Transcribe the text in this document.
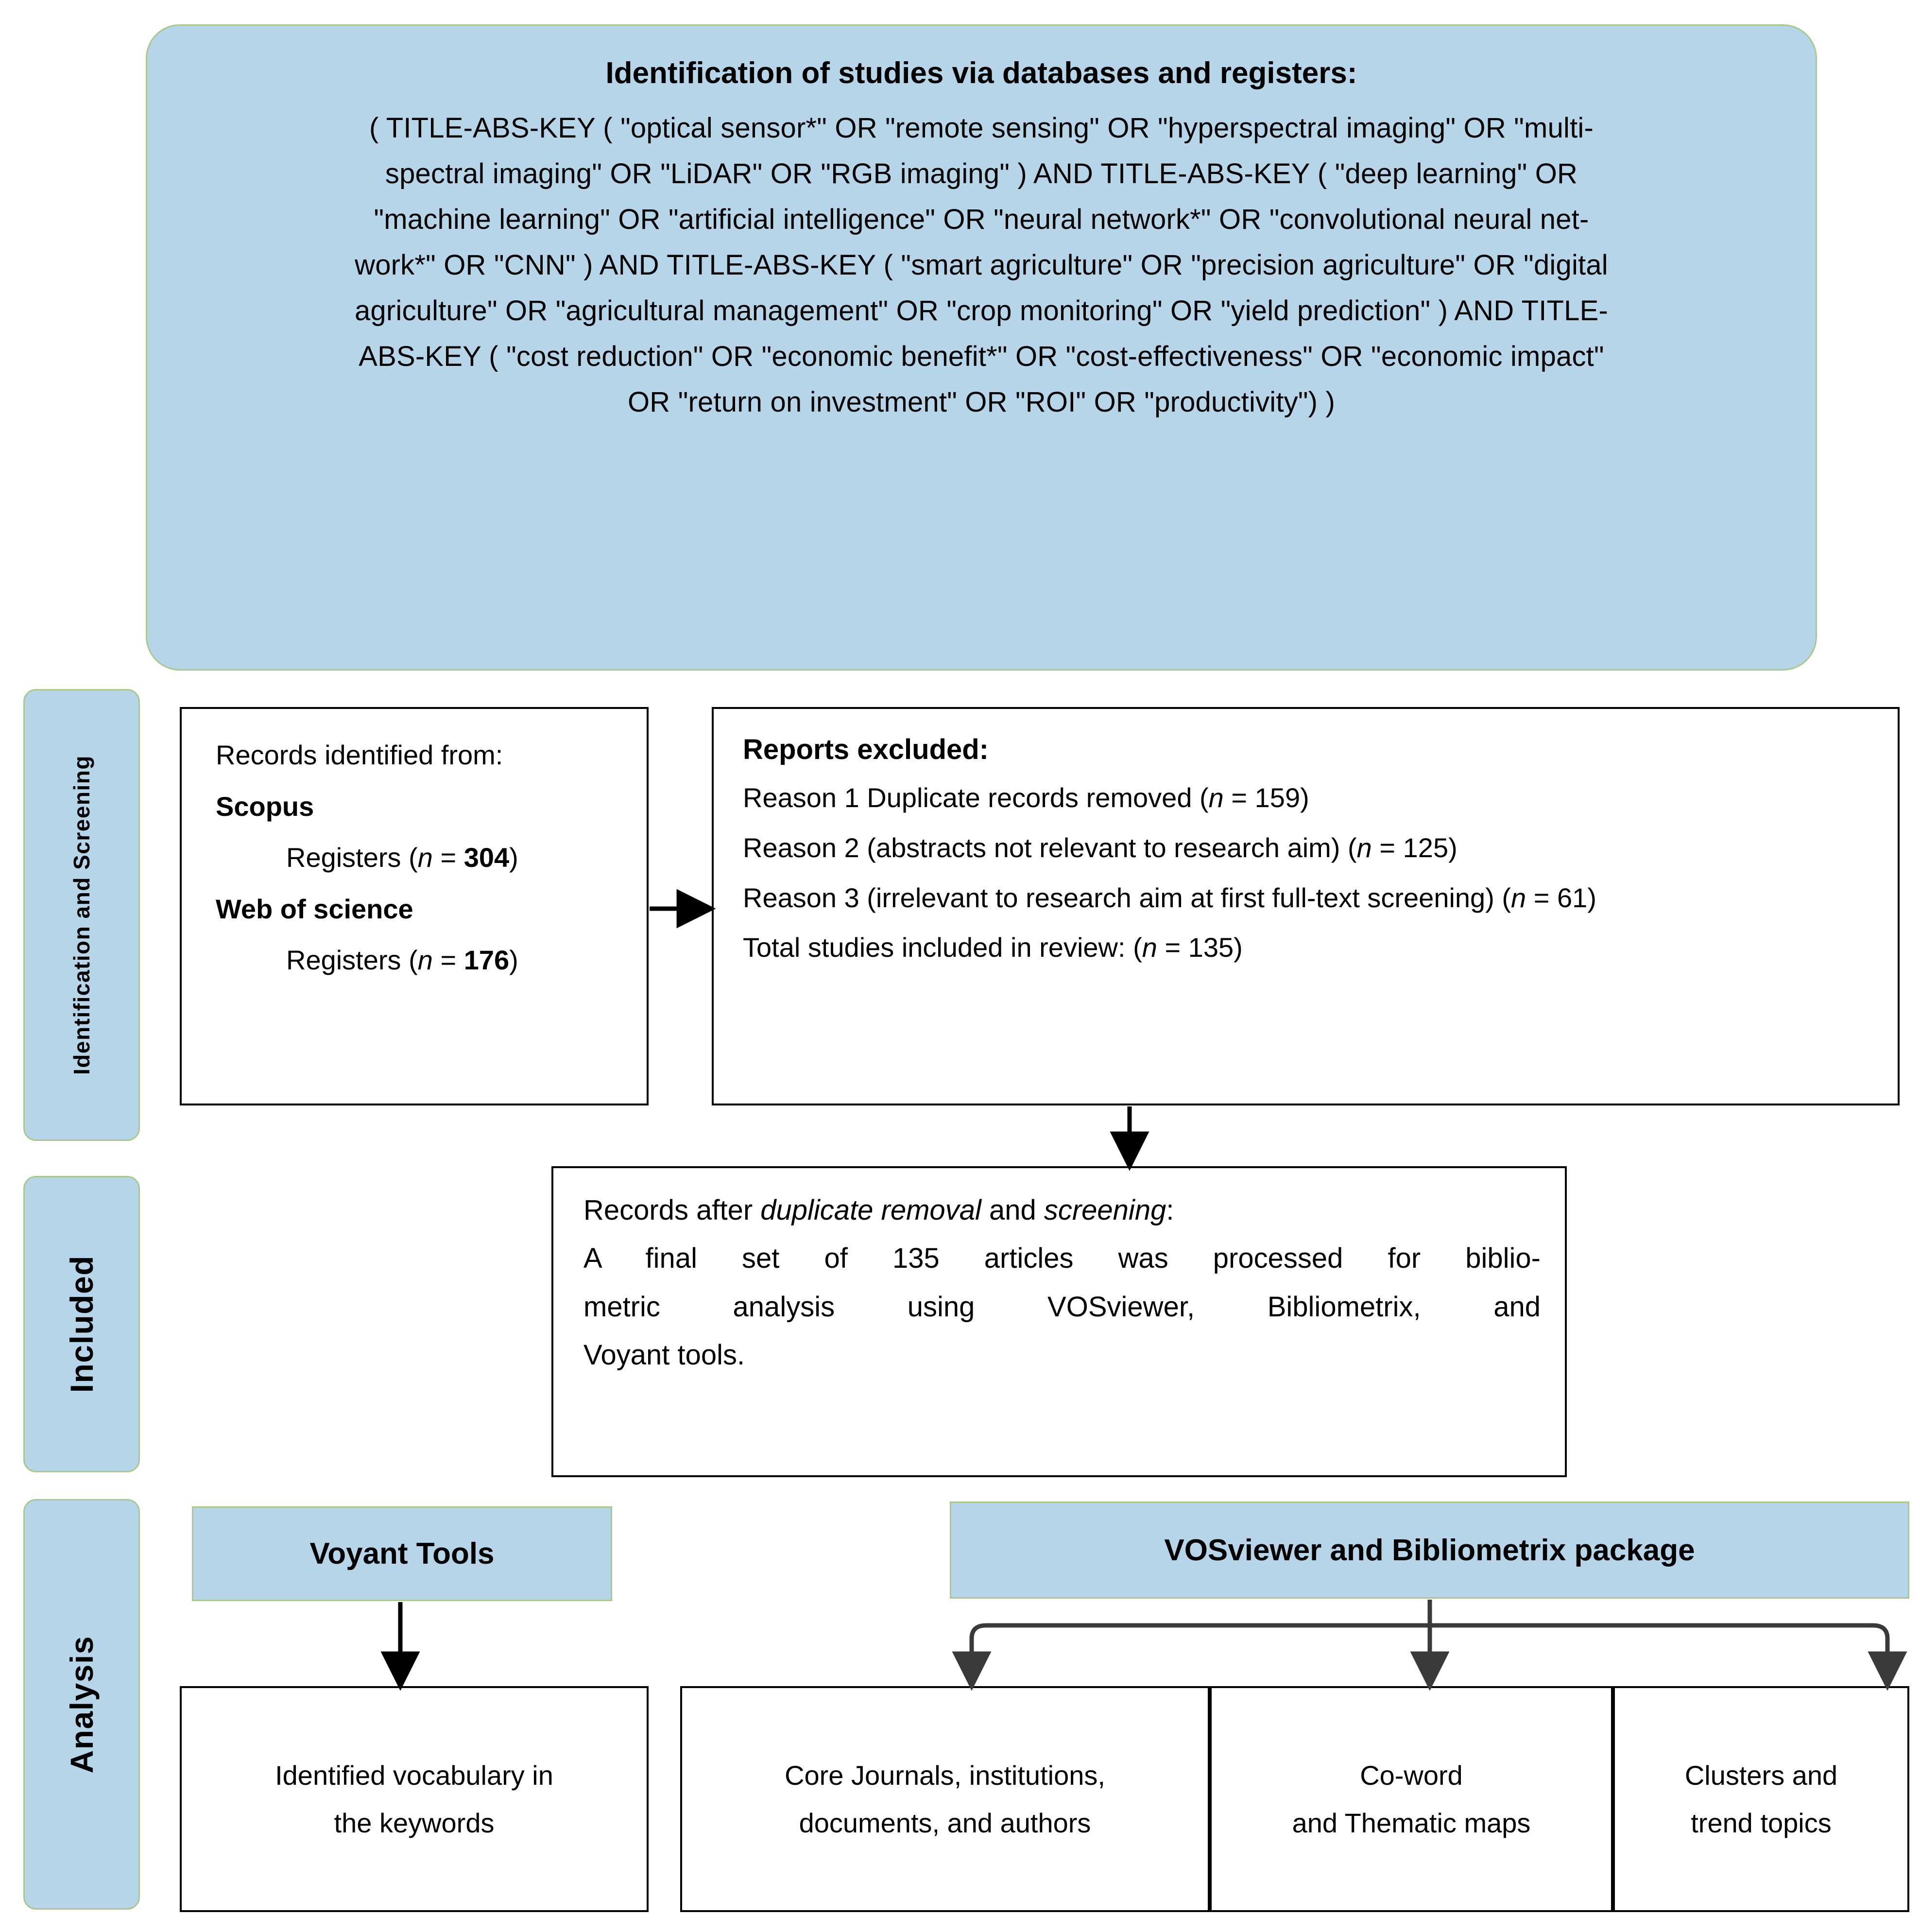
Identification of studies via databases and registers:
( TITLE-ABS-KEY ( "optical sensor*" OR "remote sensing" OR "hyperspectral imaging" OR "multi-
spectral imaging" OR "LiDAR" OR "RGB imaging" ) AND TITLE-ABS-KEY ( "deep learning" OR
"machine learning" OR "artificial intelligence" OR "neural network*" OR "convolutional neural net-
work*" OR "CNN" ) AND TITLE-ABS-KEY ( "smart agriculture" OR "precision agriculture" OR "digital
agriculture" OR "agricultural management" OR "crop monitoring" OR "yield prediction" ) AND TITLE-
ABS-KEY ( "cost reduction" OR "economic benefit*" OR "cost-effectiveness" OR "economic impact"
OR "return on investment" OR "ROI" OR "productivity") )
Identification and Screening
Included
Analysis
Records identified from:
Scopus
Registers (n = 304)
Web of science
Registers (n = 176)
Reports excluded:
Reason 1 Duplicate records removed (n = 159)
Reason 2 (abstracts not relevant to research aim) (n = 125)
Reason 3 (irrelevant to research aim at first full-text screening) (n = 61)
Total studies included in review: (n = 135)
Records after duplicate removal and screening:
A final set of 135 articles was processed for biblio-
metric analysis using VOSviewer, Bibliometrix, and
Voyant tools.
Voyant Tools	VOSviewer and Bibliometrix package
Identified vocabulary in
the keywords
Core Journals, institutions,
documents, and authors
Co-word
and Thematic maps
Clusters and
trend topics
